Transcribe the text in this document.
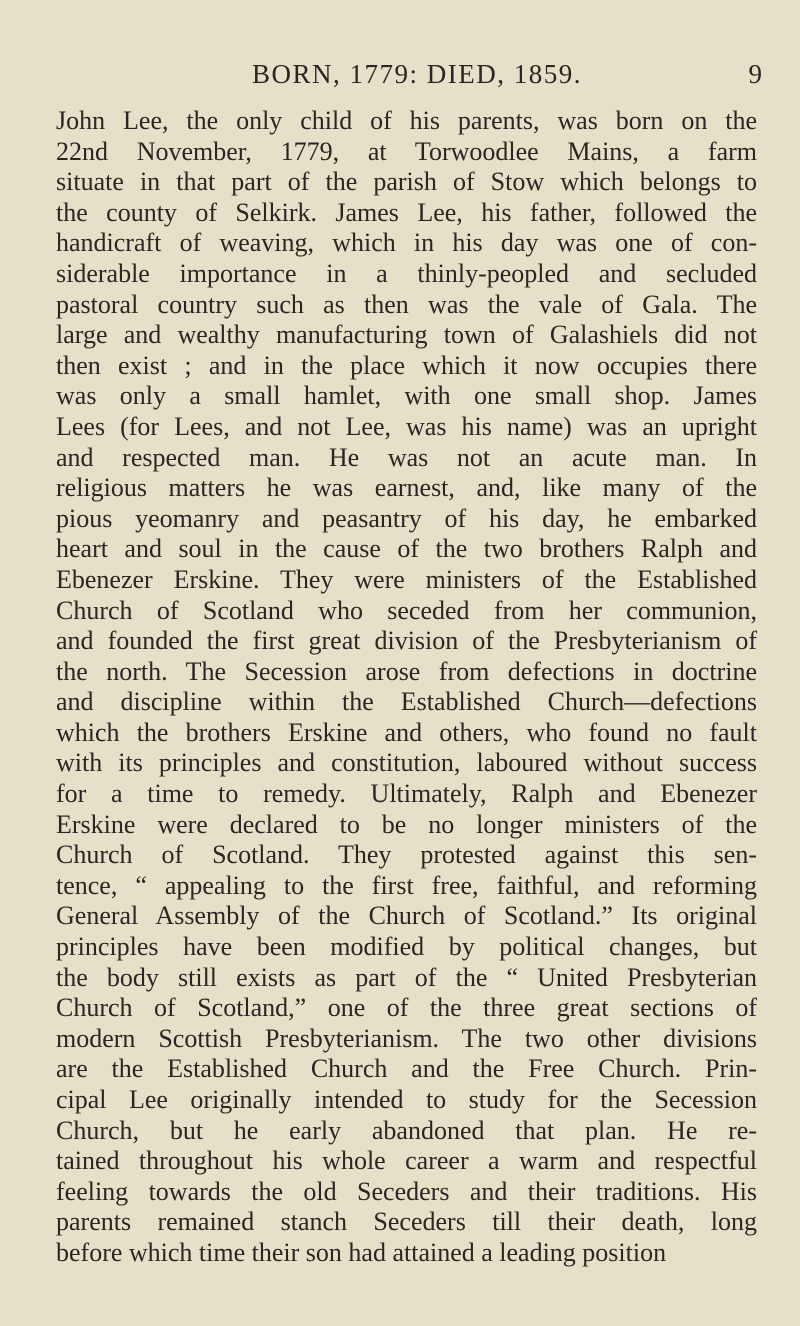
BORN, 1779: DIED, 1859.	9
John Lee, the only child of his parents, was born on the
22nd November, 1779, at Torwoodlee Mains, a farm
situate in that part of the parish of Stow which belongs to
the county of Selkirk. James Lee, his father, followed the
handicraft of weaving, which in his day was one of con-
siderable importance in a thinly-peopled and secluded
pastoral country such as then was the vale of Gala. The
large and wealthy manufacturing town of Galashiels did not
then exist ; and in the place which it now occupies there
was only a small hamlet, with one small shop. James
Lees (for Lees, and not Lee, was his name) was an upright
and respected man. He was not an acute man. In
religious matters he was earnest, and, like many of the
pious yeomanry and peasantry of his day, he embarked
heart and soul in the cause of the two brothers Ralph and
Ebenezer Erskine. They were ministers of the Established
Church of Scotland who seceded from her communion,
and founded the first great division of the Presbyterianism of
the north. The Secession arose from defections in doctrine
and discipline within the Established Church—defections
which the brothers Erskine and others, who found no fault
with its principles and constitution, laboured without success
for a time to remedy. Ultimately, Ralph and Ebenezer
Erskine were declared to be no longer ministers of the
Church of Scotland. They protested against this sen-
tence, “ appealing to the first free, faithful, and reforming
General Assembly of the Church of Scotland.” Its original
principles have been modified by political changes, but
the body still exists as part of the “ United Presbyterian
Church of Scotland,” one of the three great sections of
modern Scottish Presbyterianism. The two other divisions
are the Established Church and the Free Church. Prin-
cipal Lee originally intended to study for the Secession
Church, but he early abandoned that plan. He re-
tained throughout his whole career a warm and respectful
feeling towards the old Seceders and their traditions. His
parents remained stanch Seceders till their death, long
before which time their son had attained a leading position
